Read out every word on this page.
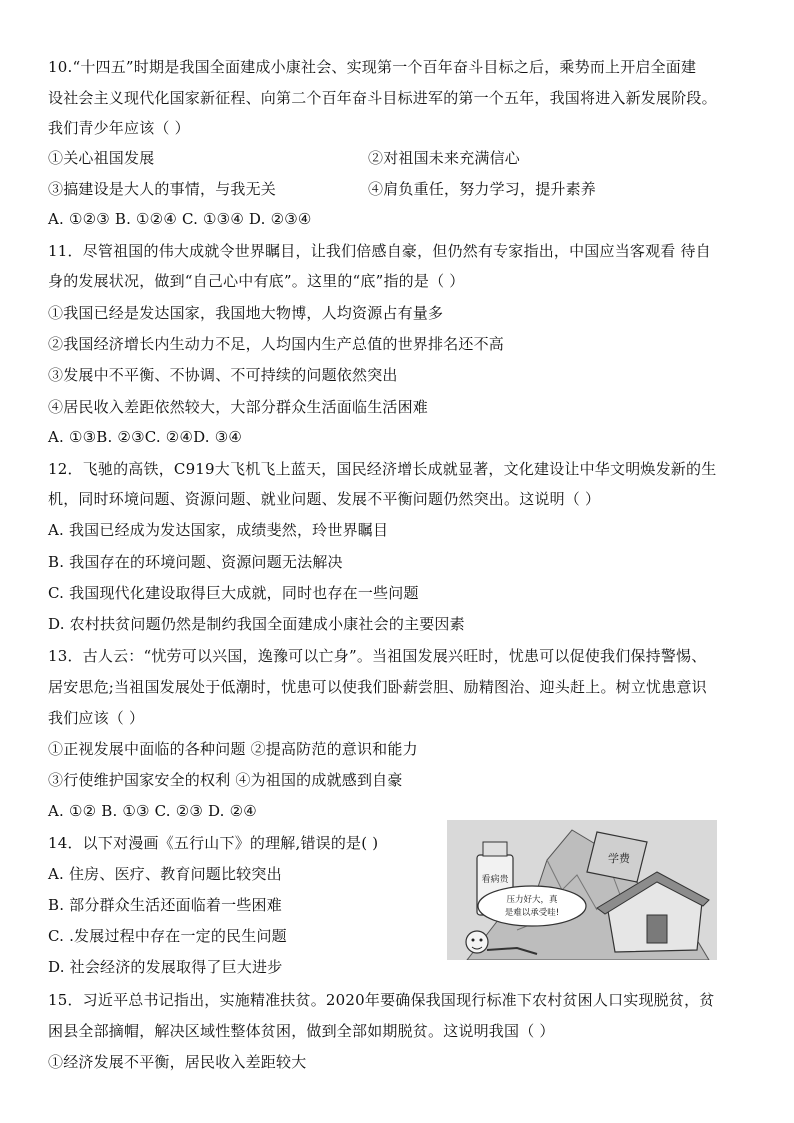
10.“十四五”时期是我国全面建成小康社会、实现第一个百年奋斗目标之后，乘势而上开启全面建
设社会主义现代化国家新征程、向第二个百年奋斗目标进军的第一个五年，我国将进入新发展阶段。
我们青少年应该（ ）
①关心祖国发展	②对祖国未来充满信心
③搞建设是大人的事情，与我无关	④肩负重任，努力学习，提升素养
A. ①②③ B. ①②④ C. ①③④ D. ②③④
11．尽管祖国的伟大成就令世界瞩目，让我们倍感自豪，但仍然有专家指出，中国应当客观看 待自
身的发展状况，做到“自己心中有底”。这里的“底”指的是（ ）
①我国已经是发达国家，我国地大物博，人均资源占有量多
②我国经济增长内生动力不足，人均国内生产总值的世界排名还不高
③发展中不平衡、不协调、不可持续的问题依然突出
④居民收入差距依然较大，大部分群众生活面临生活困难
A. ①③B. ②③C. ②④D. ③④
12．飞驰的高铁，C919大飞机飞上蓝天，国民经济增长成就显著，文化建设让中华文明焕发新的生
机，同时环境问题、资源问题、就业问题、发展不平衡问题仍然突出。这说明（ ）
A. 我国已经成为发达国家，成绩斐然，玲世界瞩目
B. 我国存在的环境问题、资源问题无法解决
C. 我国现代化建设取得巨大成就，同时也存在一些问题
D. 农村扶贫问题仍然是制约我国全面建成小康社会的主要因素
13．古人云：“忧劳可以兴国，逸豫可以亡身”。当祖国发展兴旺时，忧患可以促使我们保持警惕、
居安思危;当祖国发展处于低潮时，忧患可以使我们卧薪尝胆、励精图治、迎头赶上。树立忧患意识
我们应该（ ）
①正视发展中面临的各种问题 ②提高防范的意识和能力
③行使维护国家安全的权利 ④为祖国的成就感到自豪
A. ①② B. ①③ C. ②③ D. ②④
14．以下对漫画《五行山下》的理解,错误的是( )
A. 住房、医疗、教育问题比较突出
B. 部分群众生活还面临着一些困难
C. .发展过程中存在一定的民生问题
D. 社会经济的发展取得了巨大进步
看病贵
学费
压力好大，真
是难以承受哇!
15．习近平总书记指出，实施精准扶贫。2020年要确保我国现行标准下农村贫困人口实现脱贫，贫
困县全部摘帽，解决区域性整体贫困，做到全部如期脱贫。这说明我国（ ）
①经济发展不平衡，居民收入差距较大
